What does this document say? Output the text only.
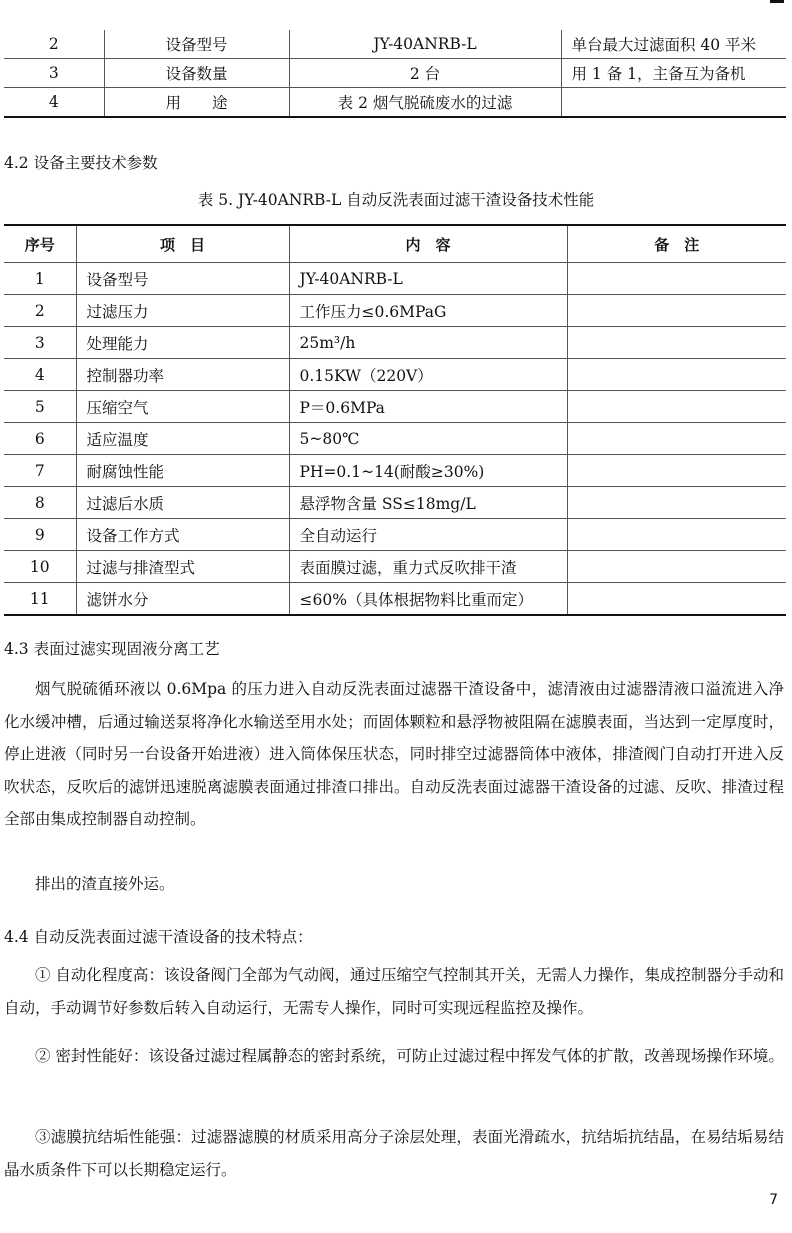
2	设备型号	JY-40ANRB-L	单台最大过滤面积 40 平米
3	设备数量	2 台	用 1 备 1，主备互为备机
4	用　　途	表 2 烟气脱硫废水的过滤	

4.2 设备主要技术参数

表 5. JY-40ANRB-L 自动反洗表面过滤干渣设备技术性能

序号	项　目	内　容	备　注
1	设备型号	JY-40ANRB-L	
2	过滤压力	工作压力≤0.6MPaG	
3	处理能力	25m³/h	
4	控制器功率	0.15KW（220V）	
5	压缩空气	P＝0.6MPa	
6	适应温度	5~80℃	
7	耐腐蚀性能	PH=0.1~14(耐酸≥30%)	
8	过滤后水质	悬浮物含量 SS≤18mg/L	
9	设备工作方式	全自动运行	
10	过滤与排渣型式	表面膜过滤，重力式反吹排干渣	
11	滤饼水分	≤60%（具体根据物料比重而定）	

4.3 表面过滤实现固液分离工艺

烟气脱硫循环液以 0.6Mpa 的压力进入自动反洗表面过滤器干渣设备中，滤清液由过滤器清液口溢流进入净化水缓冲槽，后通过输送泵将净化水输送至用水处；而固体颗粒和悬浮物被阻隔在滤膜表面，当达到一定厚度时，停止进液（同时另一台设备开始进液）进入筒体保压状态，同时排空过滤器筒体中液体，排渣阀门自动打开进入反吹状态，反吹后的滤饼迅速脱离滤膜表面通过排渣口排出。自动反洗表面过滤器干渣设备的过滤、反吹、排渣过程全部由集成控制器自动控制。

排出的渣直接外运。

4.4 自动反洗表面过滤干渣设备的技术特点：

① 自动化程度高：该设备阀门全部为气动阀，通过压缩空气控制其开关，无需人力操作，集成控制器分手动和自动，手动调节好参数后转入自动运行，无需专人操作，同时可实现远程监控及操作。

② 密封性能好：该设备过滤过程属静态的密封系统，可防止过滤过程中挥发气体的扩散，改善现场操作环境。

③滤膜抗结垢性能强：过滤器滤膜的材质采用高分子涂层处理，表面光滑疏水，抗结垢抗结晶，在易结垢易结晶水质条件下可以长期稳定运行。

7
